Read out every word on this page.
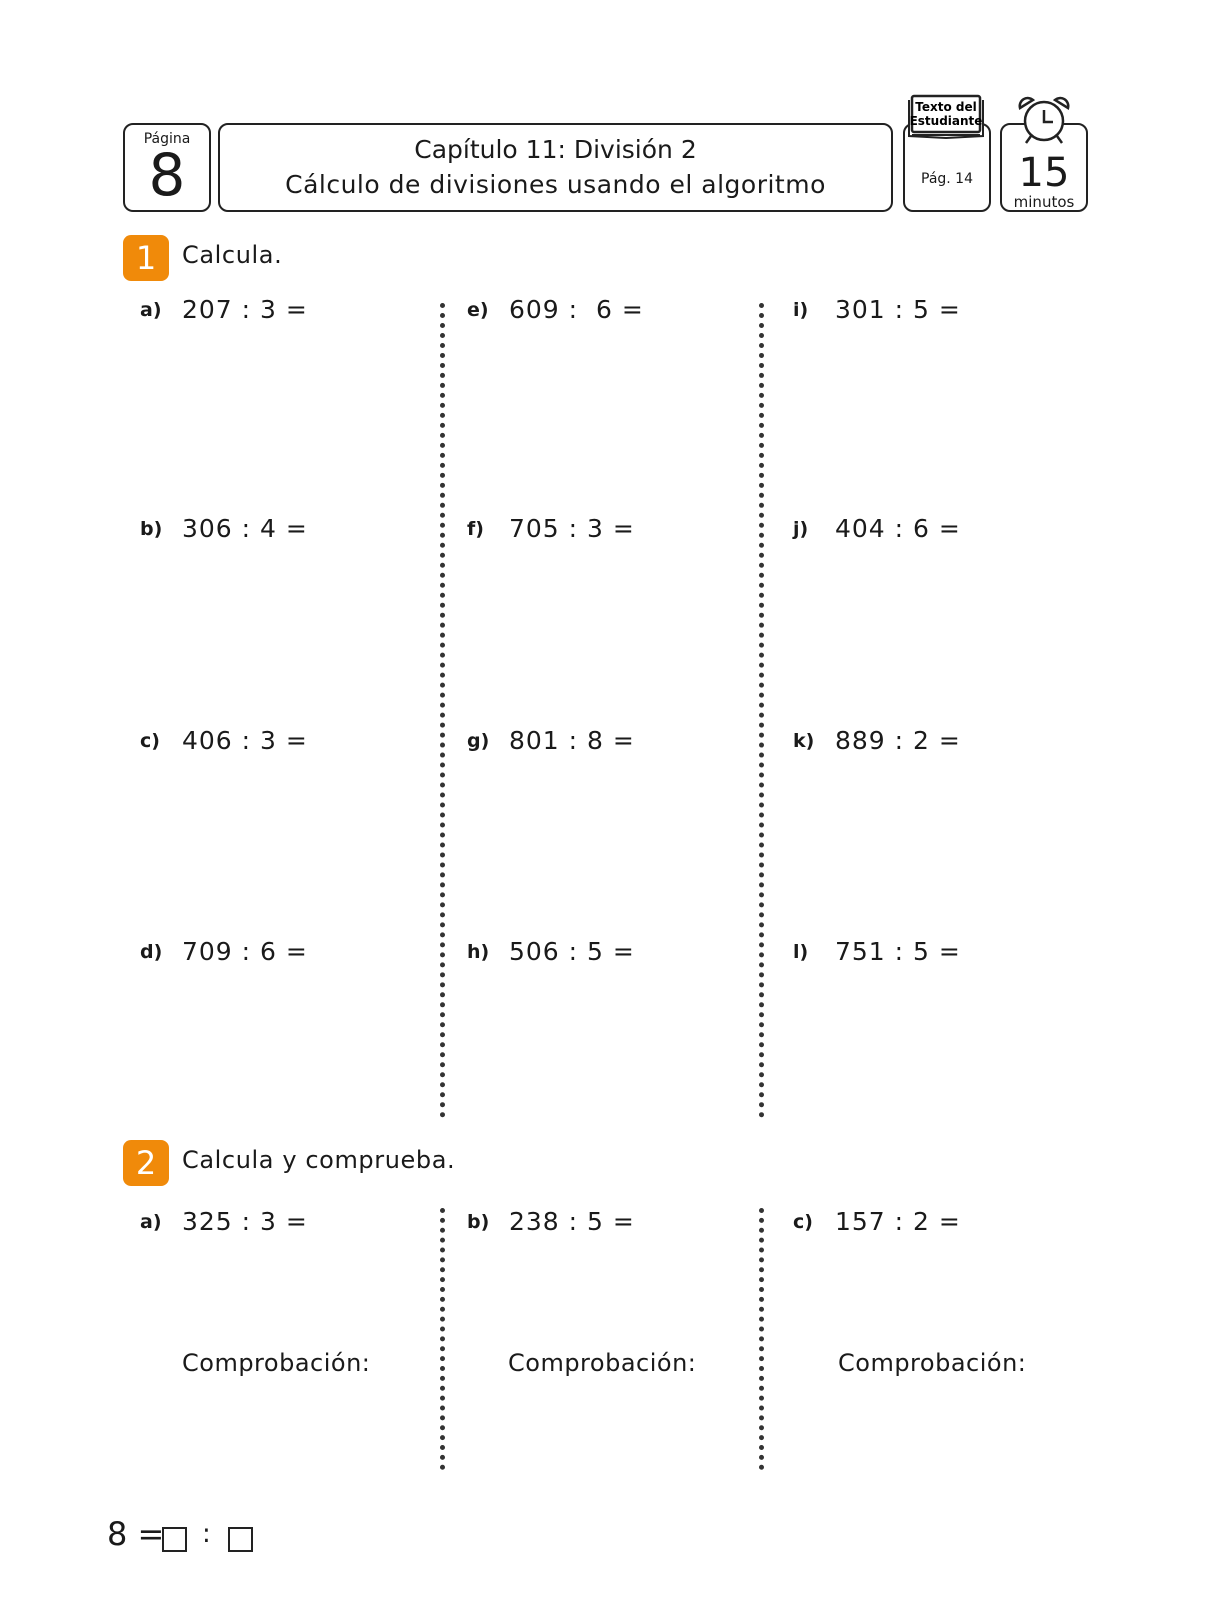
Página
8	Capítulo 11: División 2
Cálculo de divisiones usando el algoritmo	Pág. 14
Texto del
Estudiante
15
minutos
1	Calcula.
a) 207 : 3 =
b) 306 : 4 =
c) 406 : 3 =
d) 709 : 6 =
e) 609 :  6 =
f) 705 : 3 =
g) 801 : 8 =
h) 506 : 5 =
i) 301 : 5 =
j) 404 : 6 =
k) 889 : 2 =
l) 751 : 5 =
2	Calcula y comprueba.
a) 325 : 3 =	b) 238 : 5 =	c) 157 : 2 =
Comprobación:	Comprobación:	Comprobación:
8 = :
